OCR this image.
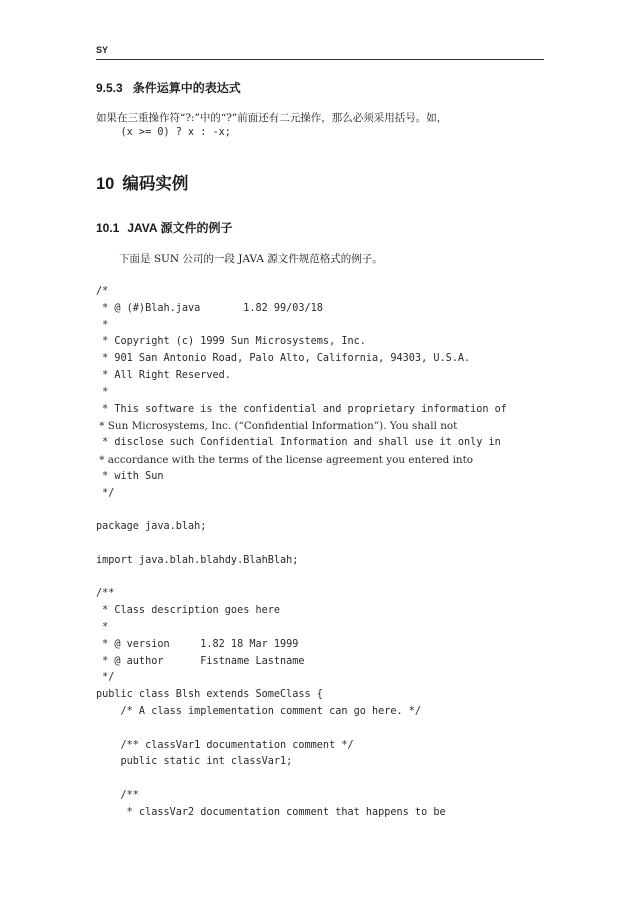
SY
9.5.3 条件运算中的表达式
如果在三重操作符“?:”中的“?”前面还有二元操作，那么必须采用括号。如，
(x >= 0) ? x : -x;
10 编码实例
10.1 JAVA 源文件的例子
下面是 SUN 公司的一段 JAVA 源文件规范格式的例子。
/*
* @ (#)Blah.java       1.82 99/03/18
*
* Copyright (c) 1999 Sun Microsystems, Inc.
* 901 San Antonio Road, Palo Alto, California, 94303, U.S.A.
* All Right Reserved.
*
* This software is the confidential and proprietary information of
* Sun Microsystems, Inc. (“Confidential Information”). You shall not
* disclose such Confidential Information and shall use it only in
* accordance with the terms of the license agreement you entered into
* with Sun
*/
package java.blah;
import java.blah.blahdy.BlahBlah;
/**
* Class description goes here
*
* @ version     1.82 18 Mar 1999
* @ author      Fistname Lastname
*/
public class Blsh extends SomeClass {
/* A class implementation comment can go here. */
/** classVar1 documentation comment */
public static int classVar1;
/**
* classVar2 documentation comment that happens to be
